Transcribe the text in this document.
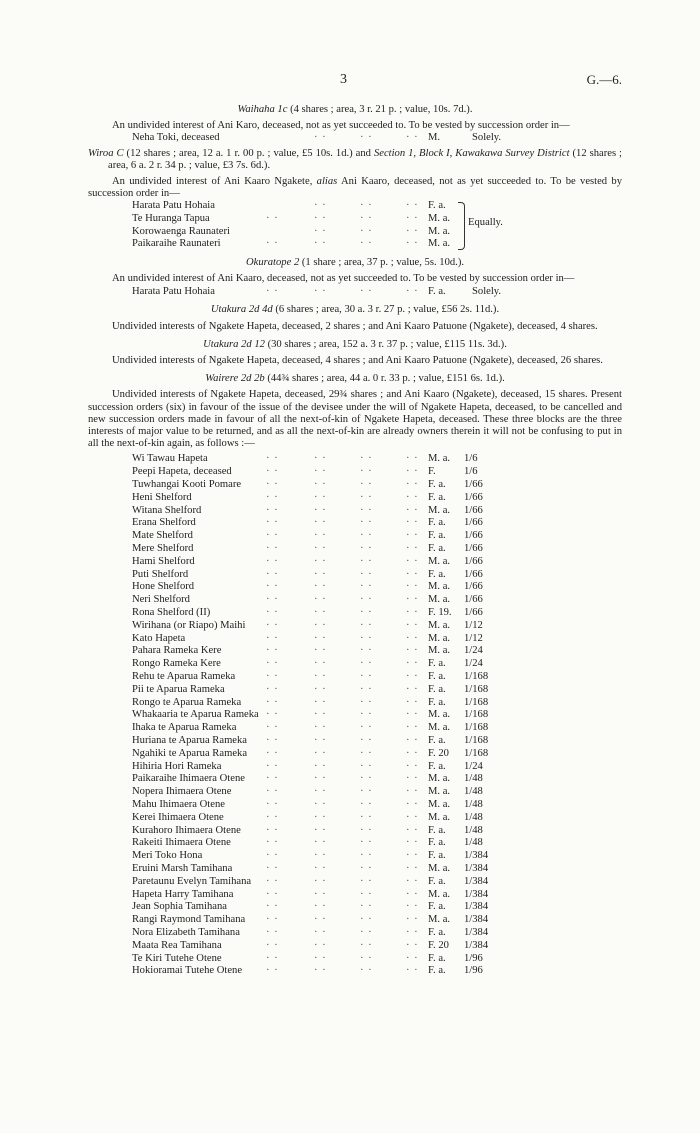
3	G.—6.
Waihaha 1c (4 shares ; area, 3 r. 21 p. ; value, 10s. 7d.).

An undivided interest of Ani Karo, deceased, not as yet succeeded to. To be vested by succession order in—

Neha Toki, deceased	· ·	· ·	· · M.	Solely.

Wiroa C (12 shares ; area, 12 a. 1 r. 00 p. ; value, £5 10s. 1d.) and Section 1, Block I, Kawakawa Survey District (12 shares ; area, 6 a. 2 r. 34 p. ; value, £3 7s. 6d.).

An undivided interest of Ani Kaaro Ngakete, alias Ani Kaaro, deceased, not as yet succeeded to. To be vested by succession order in—

Harata Patu Hohaia	· ·	· ·	· · F. a.
Te Huranga Tapua	· ·	· ·	· ·	· · M. a.
Korowaenga Raunateri	· ·	· ·	· · M. a.
Paikaraihe Raunateri	· ·	· ·	· ·	· · M. a.
Equally.
Okuratope 2 (1 share ; area, 37 p. ; value, 5s. 10d.).

An undivided interest of Ani Kaaro, deceased, not as yet succeeded to. To be vested by succession order in—

Harata Patu Hohaia	· ·	· ·	· ·	· · F. a. Solely.
Utakura 2d 4d (6 shares ; area, 30 a. 3 r. 27 p. ; value, £56 2s. 11d.).

Undivided interests of Ngakete Hapeta, deceased, 2 shares ; and Ani Kaaro Patuone (Ngakete), deceased, 4 shares.

Utakura 2d 12 (30 shares ; area, 152 a. 3 r. 37 p. ; value, £115 11s. 3d.).

Undivided interests of Ngakete Hapeta, deceased, 4 shares ; and Ani Kaaro Patuone (Ngakete), deceased, 26 shares.

Wairere 2d 2b (44¾ shares ; area, 44 a. 0 r. 33 p. ; value, £151 6s. 1d.).

Undivided interests of Ngakete Hapeta, deceased, 29¾ shares ; and Ani Kaaro (Ngakete), deceased, 15 shares. Present succession orders (six) in favour of the issue of the devisee under the will of Ngakete Hapeta, deceased, to be cancelled and new succession orders made in favour of all the next-of-kin of Ngakete Hapeta, deceased. These three blocks are the three interests of major value to be returned, and as all the next-of-kin are already owners therein it will not be confusing to put in all the next-of-kin again, as follows :—

Wi Tawau Hapeta	· ·	· ·	· ·	· · M. a. 1/6
Peepi Hapeta, deceased	· ·	· ·	· ·	· · F.	1/6
Tuwhangai Kooti Pomare · ·	· ·	· ·	· · F. a. 1/66
Heni Shelford	· ·	· ·	· ·	· · F. a. 1/66
Witana Shelford	· ·	· ·	· ·	· · M. a. 1/66
Erana Shelford	· ·	· ·	· ·	· · F. a. 1/66
Mate Shelford	· ·	· ·	· ·	· · F. a. 1/66
Mere Shelford	· ·	· ·	· ·	· · F. a. 1/66
Hami Shelford	· ·	· ·	· ·	· · M. a. 1/66
Puti Shelford	· ·	· ·	· ·	· · F. a. 1/66
Hone Shelford	· ·	· ·	· ·	· · M. a. 1/66
Neri Shelford	· ·	· ·	· ·	· · M. a. 1/66
Rona Shelford (II)	· ·	· ·	· ·	· · F. 19. 1/66
Wirihana (or Riapo) Maihi · ·	· ·	· ·	· · M. a. 1/12
Kato Hapeta	· ·	· ·	· ·	· · M. a. 1/12
Pahara Rameka Kere	· ·	· ·	· ·	· · M. a. 1/24
Rongo Rameka Kere	· ·	· ·	· ·	· · F. a. 1/24
Rehu te Aparua Rameka	· ·	· ·	· ·	· · F. a. 1/168
Pii te Aparua Rameka	· ·	· ·	· ·	· · F. a. 1/168
Rongo te Aparua Rameka · ·	· ·	· ·	· · F. a. 1/168
Whakaaria te Aparua Rameka · ·	· ·	· ·	· · M. a. 1/168
Ihaka te Aparua Rameka	· ·	· ·	· ·	· · M. a. 1/168
Huriana te Aparua Rameka · ·	· ·	· ·	· · F. a. 1/168
Ngahiki te Aparua Rameka · ·	· ·	· ·	· · F. 20 1/168
Hihiria Hori Rameka	· ·	· ·	· ·	· · F. a. 1/24
Paikaraihe Ihimaera Otene · ·	· ·	· ·	· · M. a. 1/48
Nopera Ihimaera Otene	· ·	· ·	· ·	· · M. a. 1/48
Mahu Ihimaera Otene	· ·	· ·	· ·	· · M. a. 1/48
Kerei Ihimaera Otene	· ·	· ·	· ·	· · M. a. 1/48
Kurahoro Ihimaera Otene · ·	· ·	· ·	· · F. a. 1/48
Rakeiti Ihimaera Otene	· ·	· ·	· ·	· · F. a. 1/48
Meri Toko Hona	· ·	· ·	· ·	· · F. a. 1/384
Eruini Marsh Tamihana	· ·	· ·	· ·	· · M. a. 1/384
Paretaunu Evelyn Tamihana · ·	· ·	· ·	· · F. a. 1/384
Hapeta Harry Tamihana	· ·	· ·	· ·	· · M. a. 1/384
Jean Sophia Tamihana	· ·	· ·	· ·	· · F. a. 1/384
Rangi Raymond Tamihana · ·	· ·	· ·	· · M. a. 1/384
Nora Elizabeth Tamihana · ·	· ·	· ·	· · F. a. 1/384
Maata Rea Tamihana	· ·	· ·	· ·	· · F. 20 1/384
Te Kiri Tutehe Otene	· ·	· ·	· ·	· · F. a. 1/96
Hokioramai Tutehe Otene · ·	· ·	· ·	· · F. a. 1/96
